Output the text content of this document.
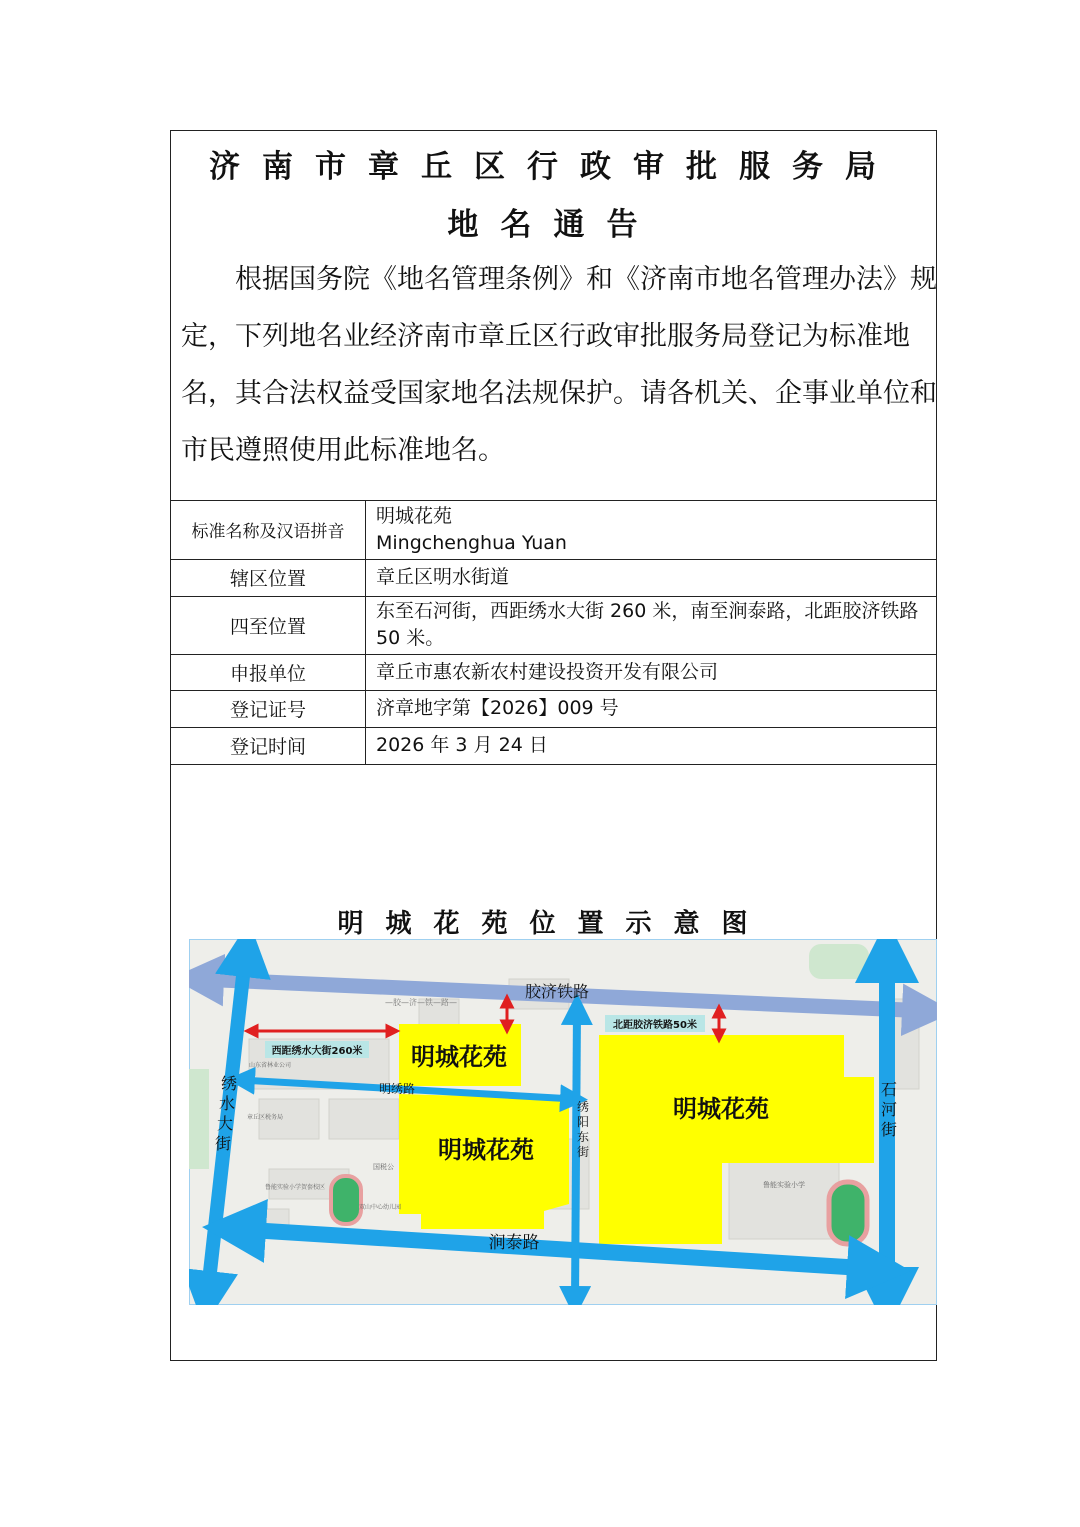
济南市章丘区行政审批服务局
地名通告
根据国务院《地名管理条例》和《济南市地名管理办法》规定，下列地名业经济南市章丘区行政审批服务局登记为标准地名，其合法权益受国家地名法规保护。请各机关、企事业单位和市民遵照使用此标准地名。
标准名称及汉语拼音	明城花苑
Mingchenghua Yuan

辖区位置	章丘区明水街道
四至位置	东至石河街，西距绣水大街 260 米，南至涧泰路，北距胶济铁路 50 米。
申报单位	章丘市惠农新农村建设投资开发有限公司
登记证号	济章地字第【2026】009 号
登记时间	2026 年 3 月 24 日
明城花苑位置示意图
西距绣水大街260米
北距胶济铁路50米
明城花苑
明城花苑
明城花苑
胶济铁路
—胶—济—铁—路—
明绣路
涧泰路
绣水大街
石河街
绣阳东街
山东省林业公司
章丘区税务局
国税公
鲁能实验小学贺套校区
双山中心幼儿园
鲁能实验小学
